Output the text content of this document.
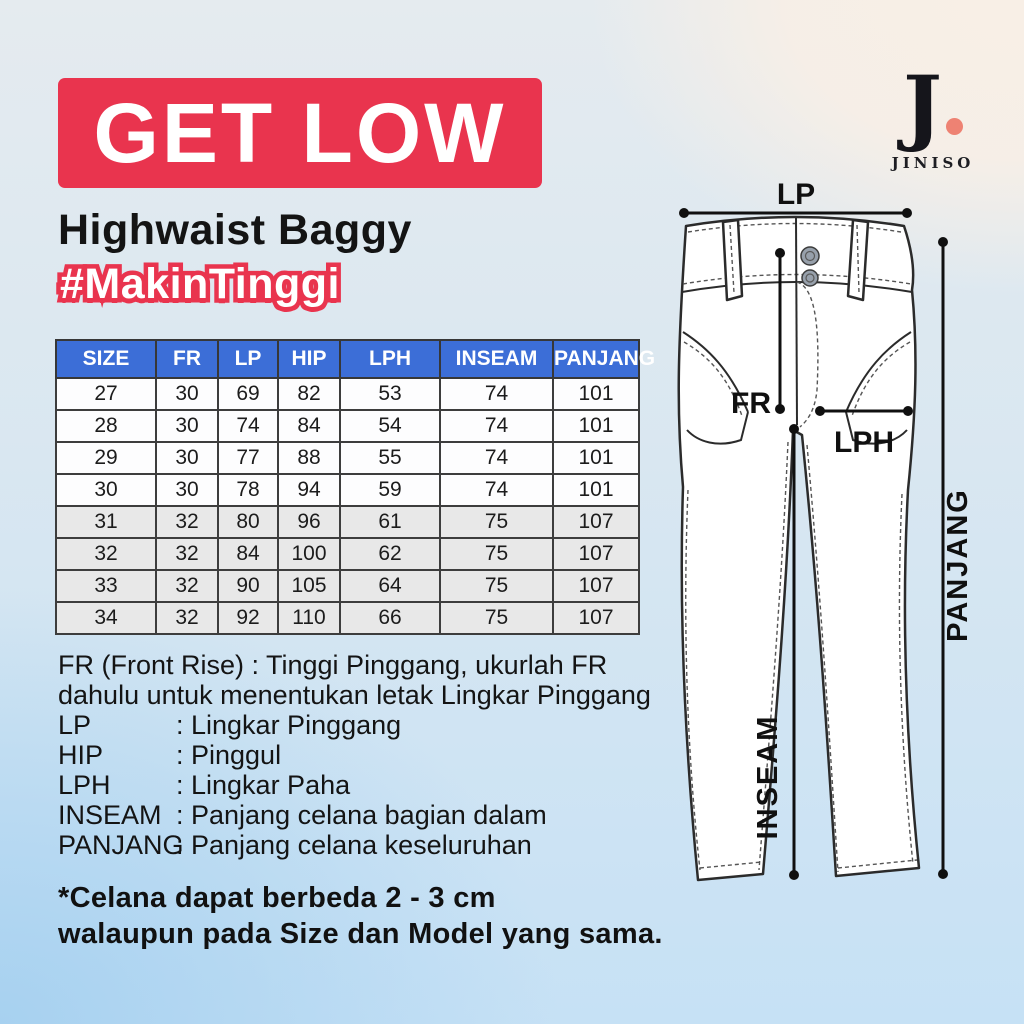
GET LOW	J
JINISO
Highwaist Baggy
#MakinTinggi #MakinTinggi
SIZE	FR	LP	HIP	LPH	INSEAM	PANJANG
27	30	69	82	53	74	101
28	30	74	84	54	74	101
29	30	77	88	55	74	101
30	30	78	94	59	74	101
31	32	80	96	61	75	107
32	32	84	100	62	75	107
33	32	90	105	64	75	107
34	32	92	110	66	75	107

FR (Front Rise) : Tinggi Pinggang, ukurlah FR

dahulu untuk menentukan letak Lingkar Pinggang

LP	: Lingkar Pinggang
HIP	: Pinggul
LPH	: Lingkar Paha
INSEAM : Panjang celana bagian dalam
PANJANG
: Panjang celana keseluruhan
*Celana dapat berbeda 2 - 3 cm
walaupun pada Size dan Model yang sama.
LP
FR
LPH
INSEAM
PANJANG
